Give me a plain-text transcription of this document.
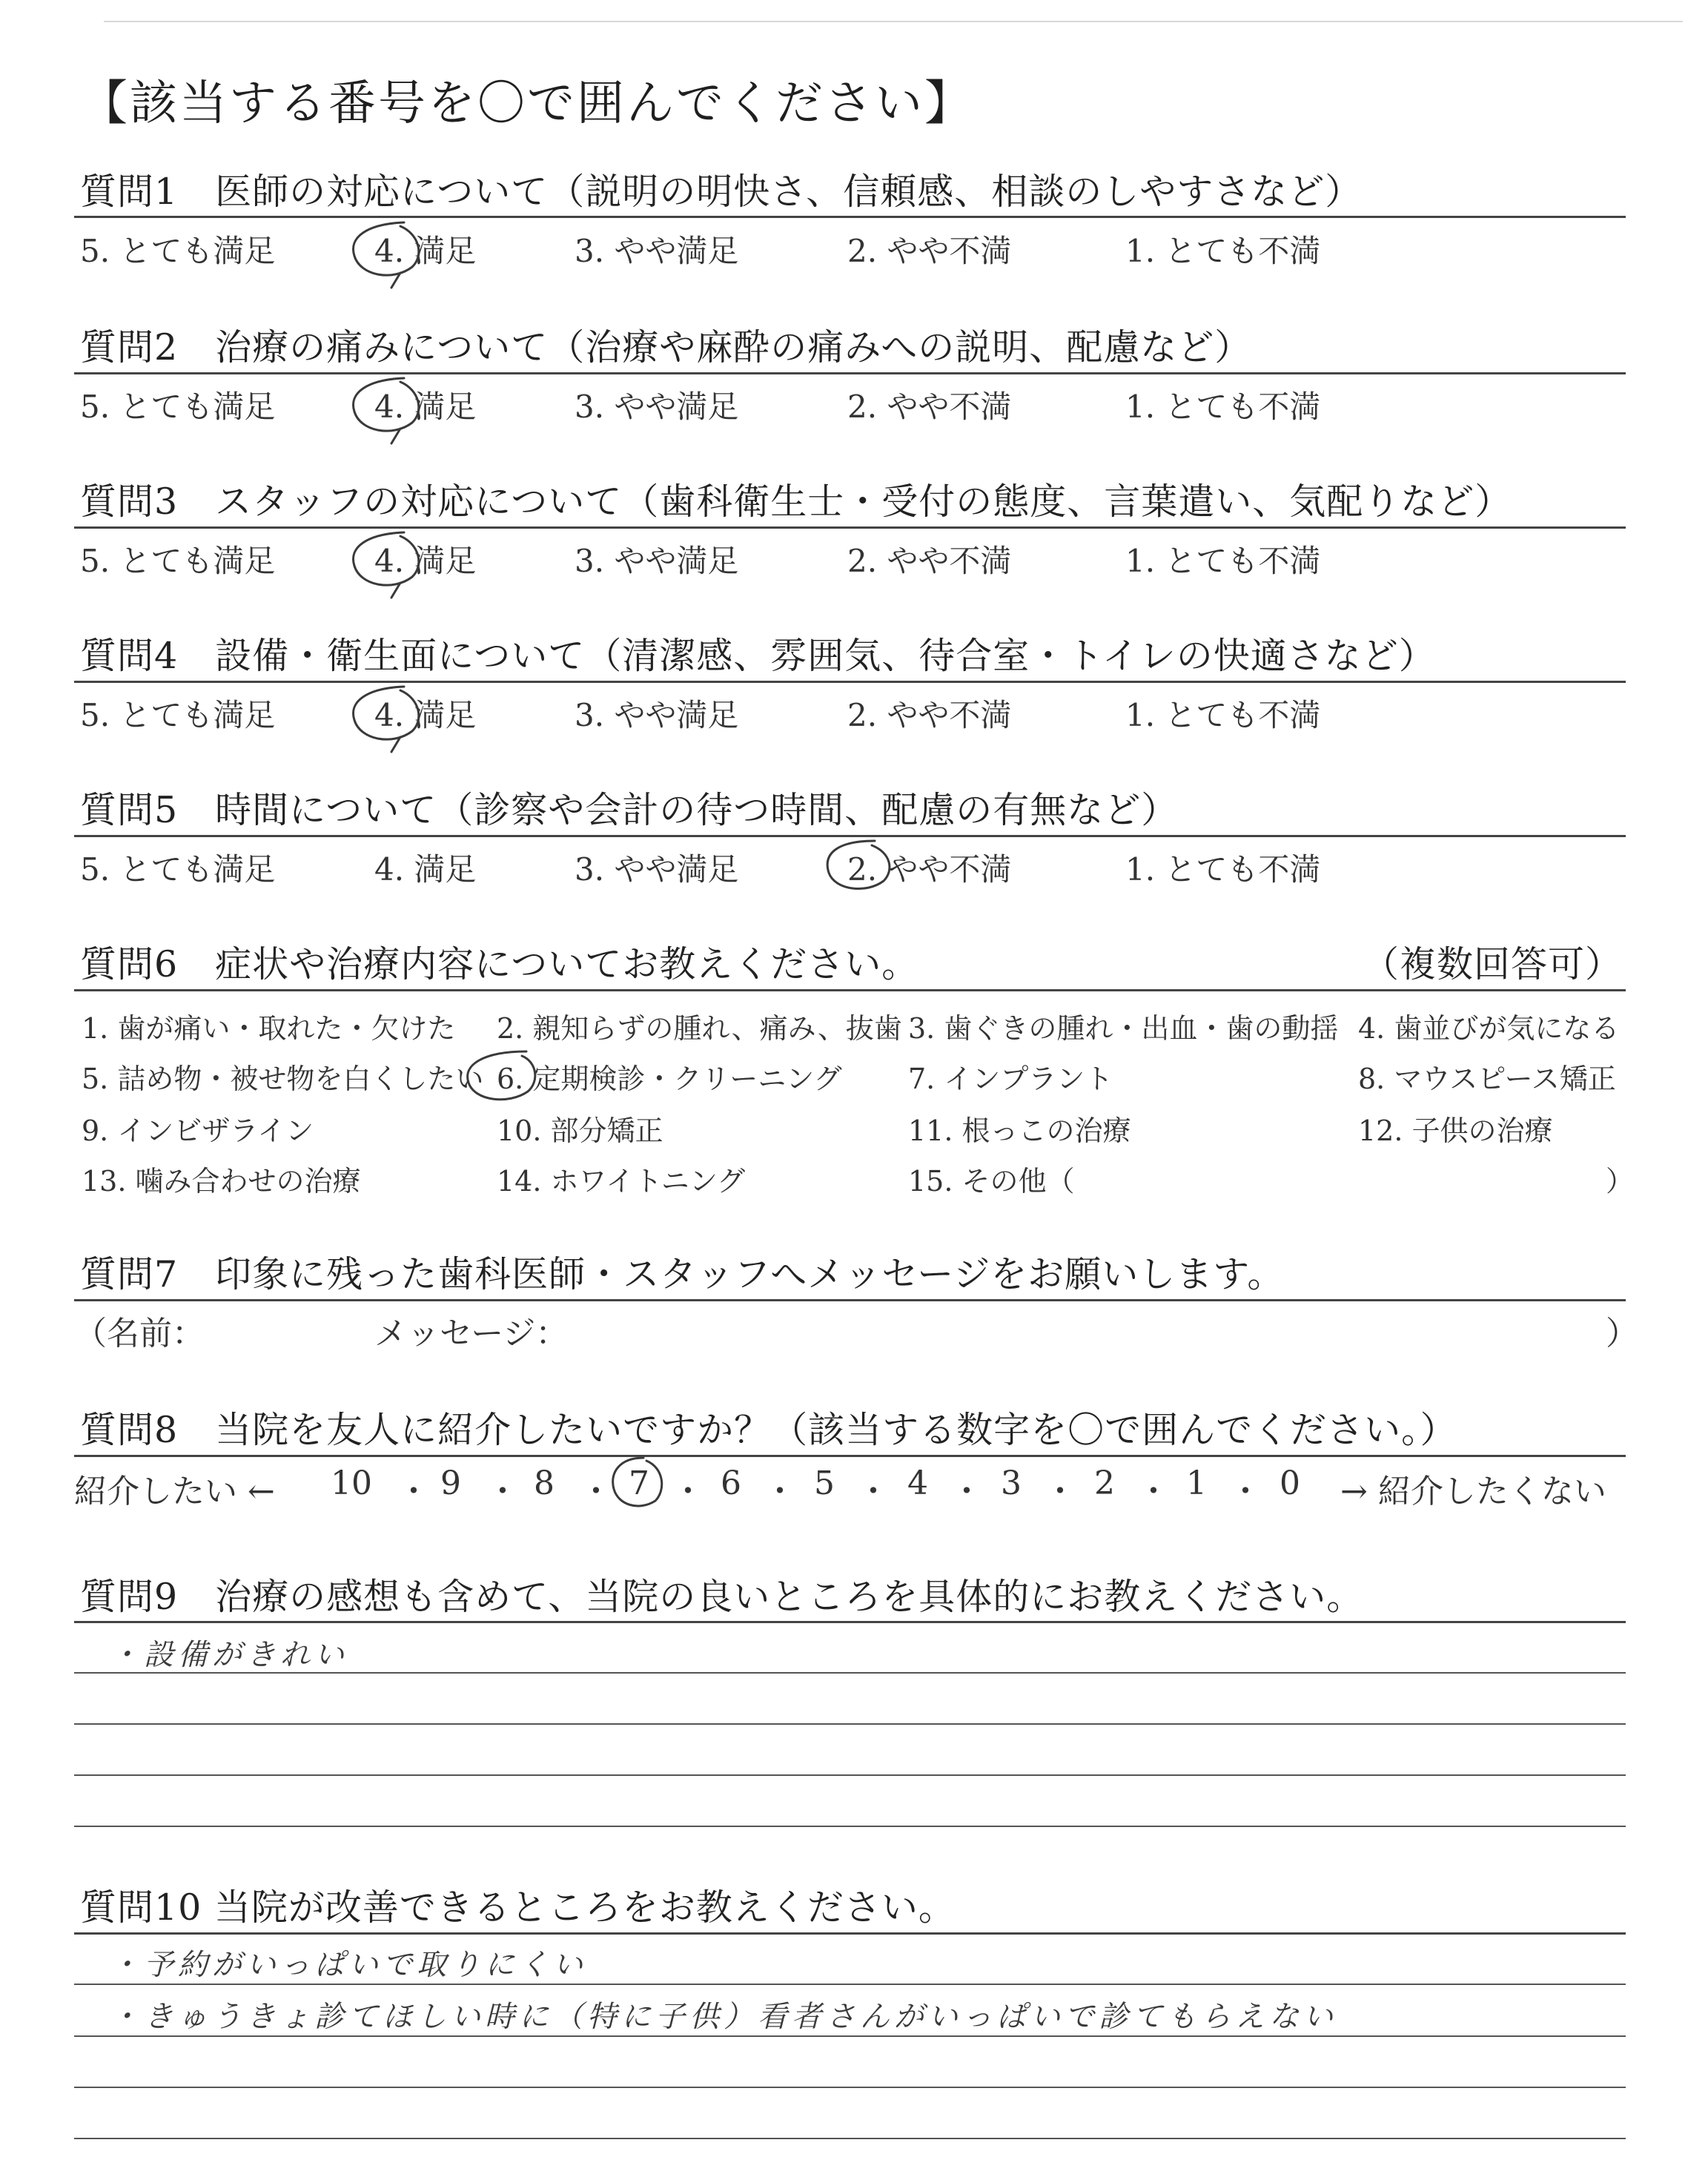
【該当する番号を〇で囲んでください】
質問1　医師の対応について（説明の明快さ、信頼感、相談のしやすさなど）
5. とても満足	4. 満足	3. やや満足	2. やや不満	1. とても不満
質問2　治療の痛みについて（治療や麻酔の痛みへの説明、配慮など）
5. とても満足	4. 満足	3. やや満足	2. やや不満	1. とても不満
質問3　スタッフの対応について（歯科衛生士・受付の態度、言葉遣い、気配りなど）
5. とても満足	4. 満足	3. やや満足	2. やや不満	1. とても不満
質問4　設備・衛生面について（清潔感、雰囲気、待合室・トイレの快適さなど）
5. とても満足	4. 満足	3. やや満足	2. やや不満	1. とても不満
質問5　時間について（診察や会計の待つ時間、配慮の有無など）
5. とても満足	4. 満足	3. やや満足	2. やや不満	1. とても不満
質問6　症状や治療内容についてお教えください。	（複数回答可）
1. 歯が痛い・取れた・欠けた 2. 親知らずの腫れ、痛み、抜歯 3. 歯ぐきの腫れ・出血・歯の動揺 4. 歯並びが気になる
5. 詰め物・被せ物を白くしたい 6. 定期検診・クリーニング 7. インプラント	8. マウスピース矯正
9. インビザライン	10. 部分矯正	11. 根っこの治療	12. 子供の治療
13. 噛み合わせの治療	14. ホワイトニング	15. その他（	）
質問7　印象に残った歯科医師・スタッフへメッセージをお願いします。
（名前：	メッセージ：	）
質問8　当院を友人に紹介したいですか？（該当する数字を〇で囲んでください。）
紹介したい ←	→ 紹介したくない
10 ・ 9 ・ 8 ・ 7 ・ 6 ・ 5 ・ 4 ・ 3 ・ 2 ・ 1 ・ 0
質問9　治療の感想も含めて、当院の良いところを具体的にお教えください。
・設備がきれい
質問10 当院が改善できるところをお教えください。
・予約がいっぱいで取りにくい
・きゅうきょ診てほしい時に（特に子供）看者さんがいっぱいで診てもらえない
